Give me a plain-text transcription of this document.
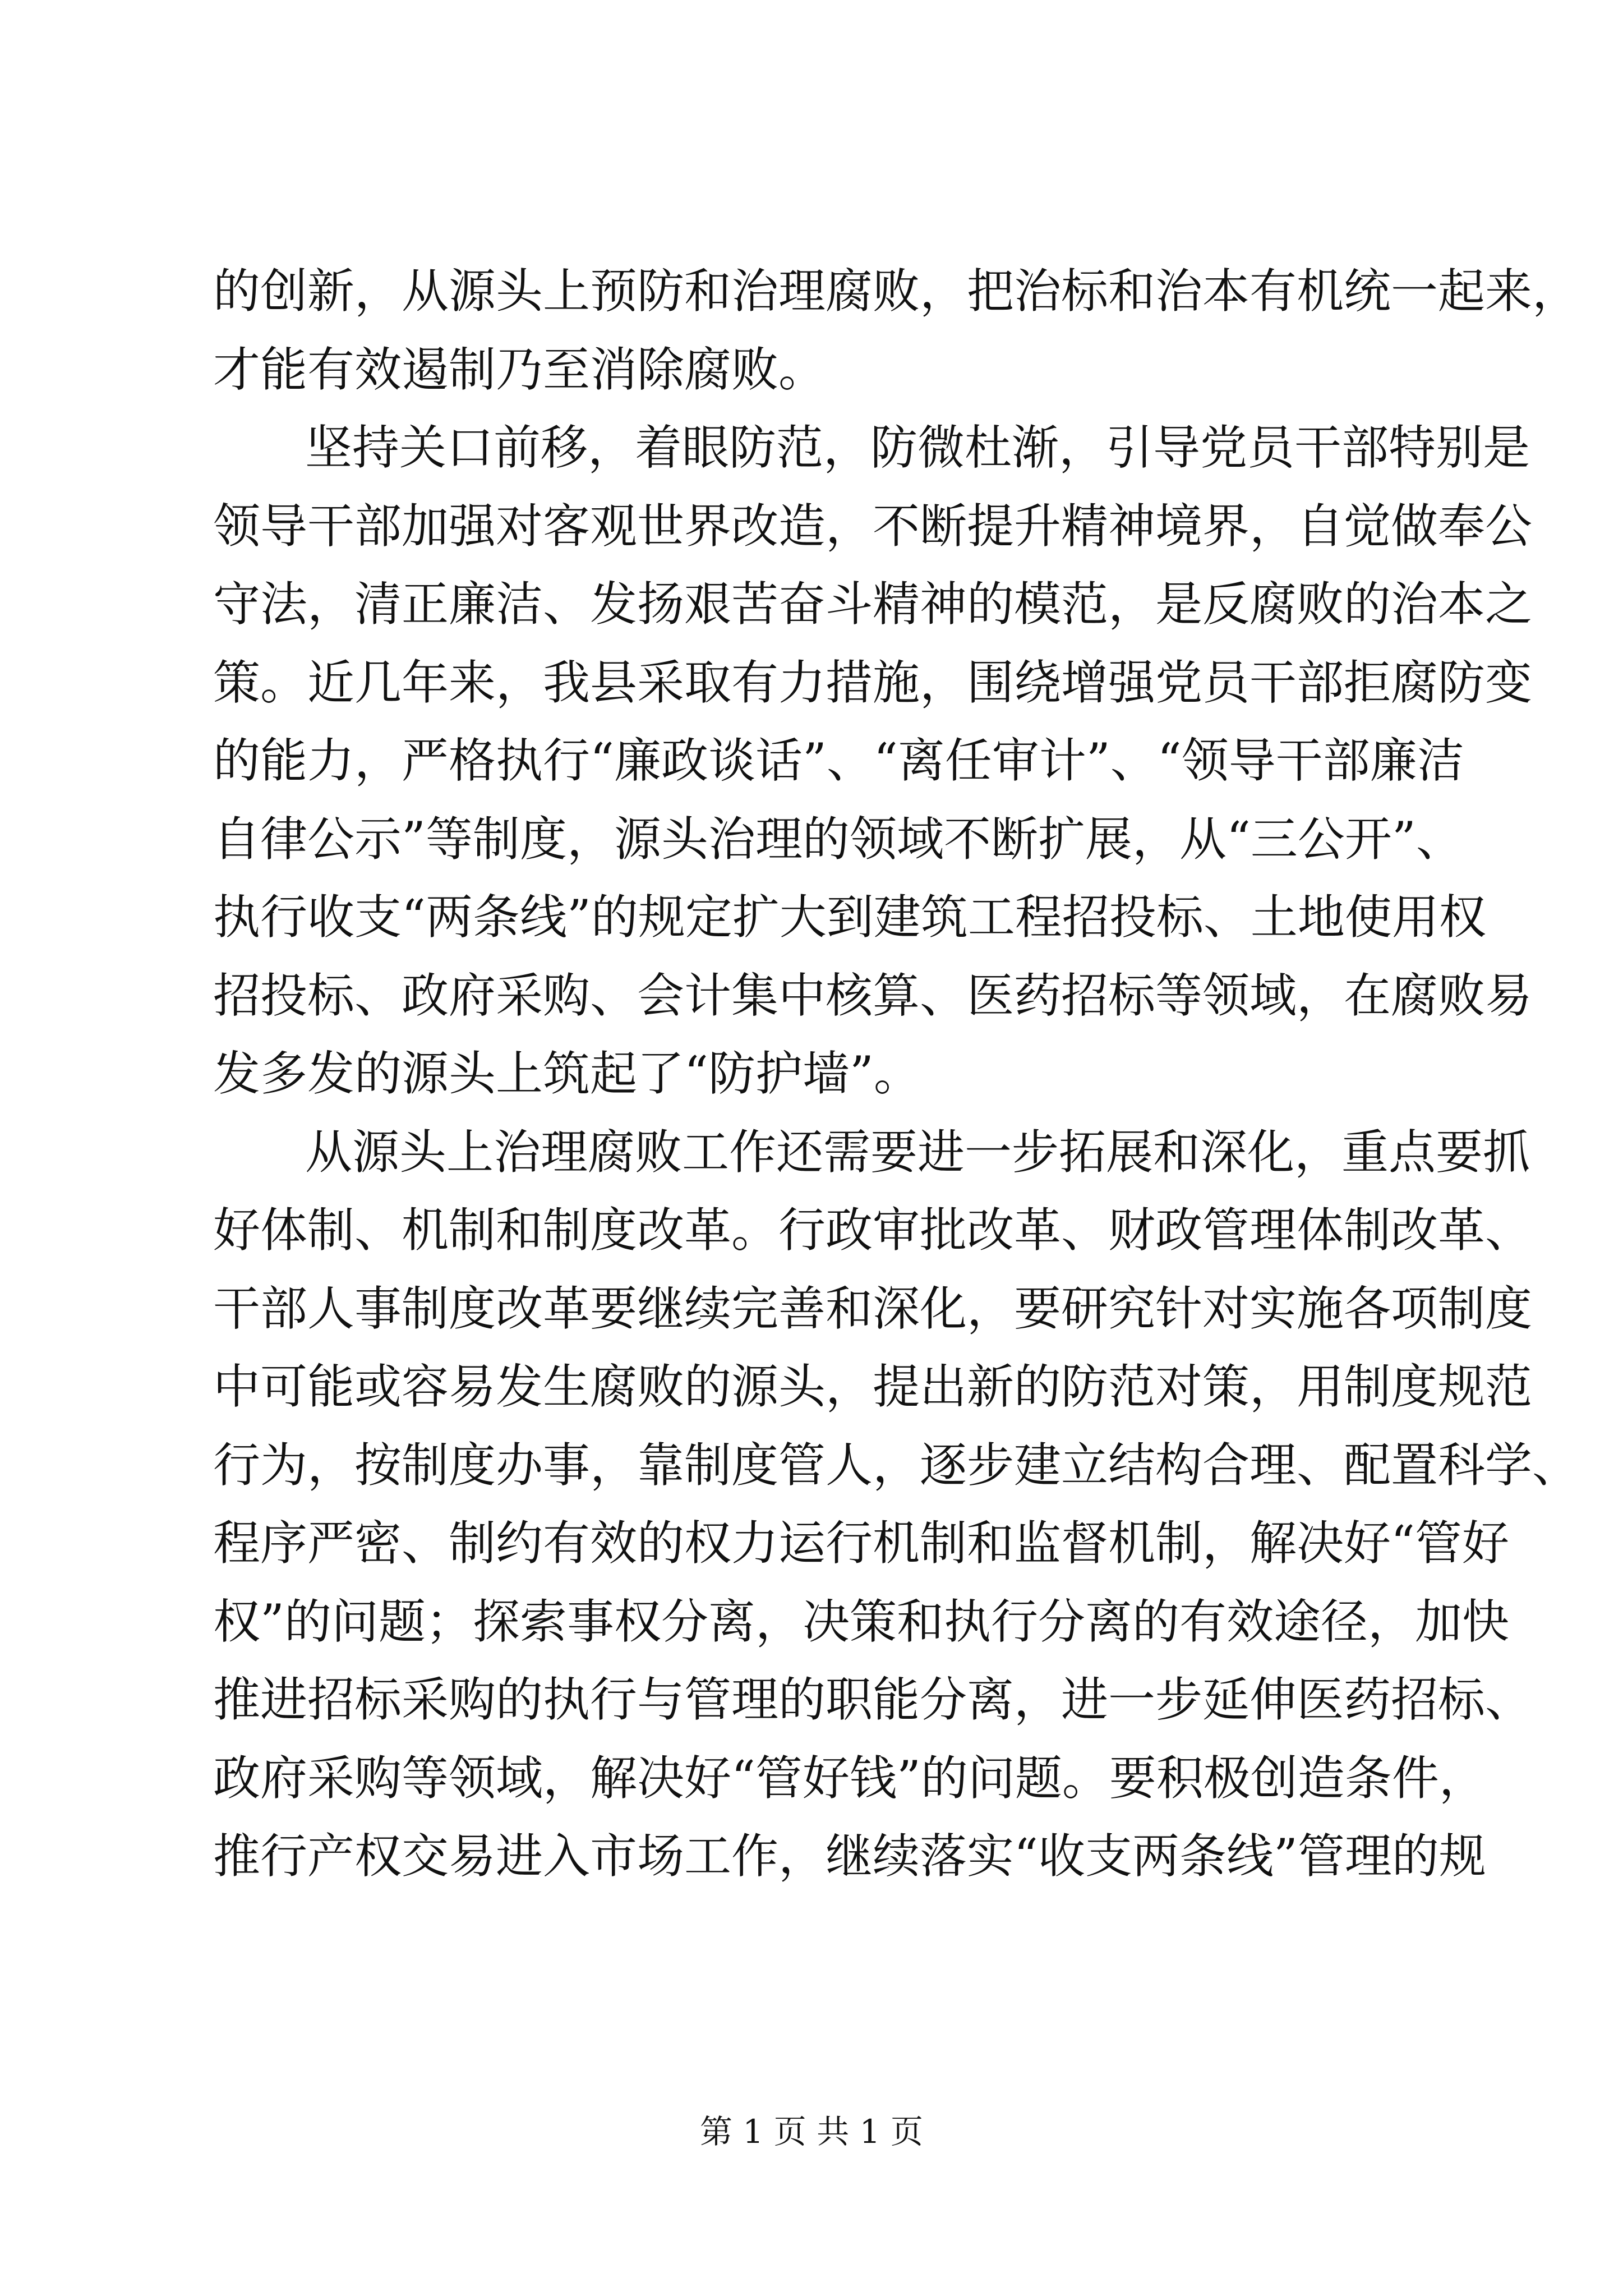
的创新，从源头上预防和治理腐败，把治标和治本有机统一起来，
才能有效遏制乃至消除腐败。
坚持关口前移，着眼防范，防微杜渐，引导党员干部特别是
领导干部加强对客观世界改造，不断提升精神境界，自觉做奉公
守法，清正廉洁、发扬艰苦奋斗精神的模范，是反腐败的治本之
策。近几年来，我县采取有力措施，围绕增强党员干部拒腐防变
的能力，严格执行“廉政谈话”、“离任审计”、“领导干部廉洁
自律公示”等制度，源头治理的领域不断扩展，从“三公开”、
执行收支“两条线”的规定扩大到建筑工程招投标、土地使用权
招投标、政府采购、会计集中核算、医药招标等领域，在腐败易
发多发的源头上筑起了“防护墙”。
从源头上治理腐败工作还需要进一步拓展和深化，重点要抓
好体制、机制和制度改革。行政审批改革、财政管理体制改革、
干部人事制度改革要继续完善和深化，要研究针对实施各项制度
中可能或容易发生腐败的源头，提出新的防范对策，用制度规范
行为，按制度办事，靠制度管人，逐步建立结构合理、配置科学、
程序严密、制约有效的权力运行机制和监督机制，解决好“管好
权”的问题；探索事权分离，决策和执行分离的有效途径，加快
推进招标采购的执行与管理的职能分离，进一步延伸医药招标、
政府采购等领域，解决好“管好钱”的问题。要积极创造条件，
推行产权交易进入市场工作，继续落实“收支两条线”管理的规
第 1 页 共 1 页
